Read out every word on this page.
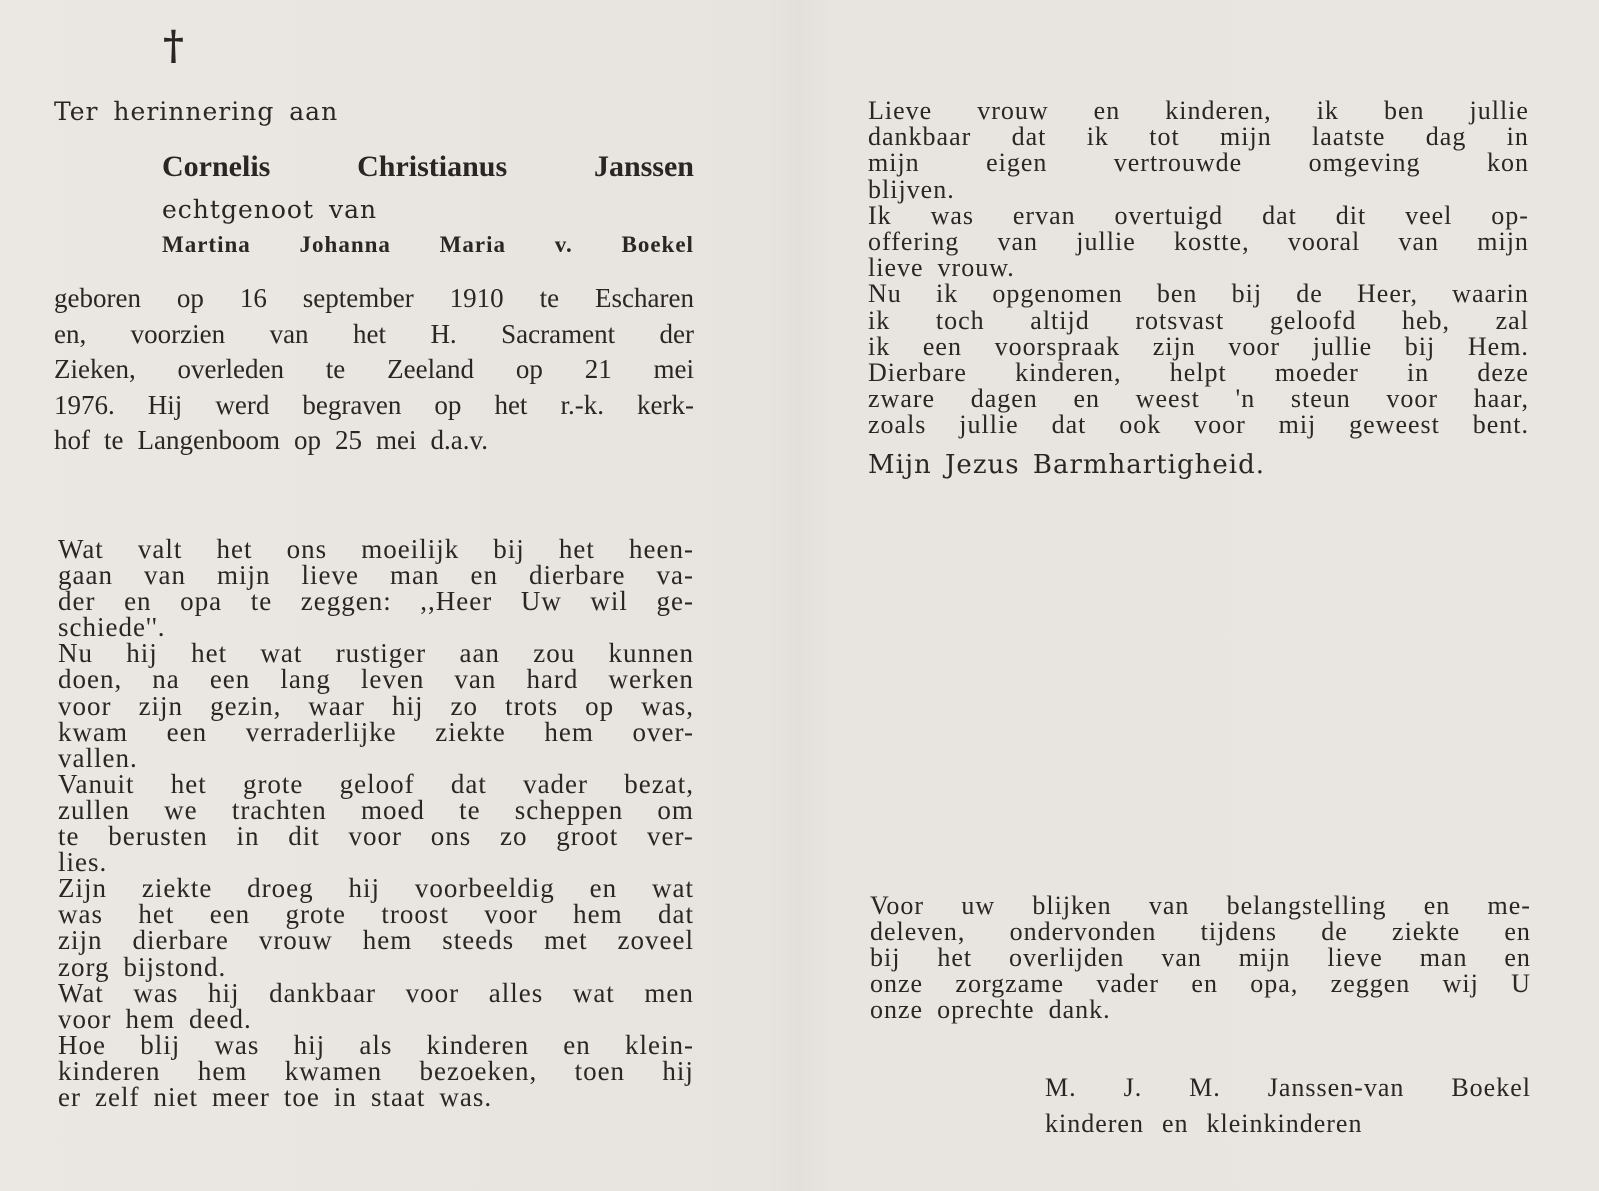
†
Ter herinnering aan
Cornelis	Christianus	Janssen
echtgenoot van
Martina Johanna Maria v. Boekel
geboren op 16 september 1910 te Escharen
en, voorzien van het H. Sacrament der
Zieken, overleden te Zeeland op 21 mei
1976. Hij werd begraven op het r.-k. kerk-
hof te Langenboom op 25 mei d.a.v.
Wat valt het ons moeilijk bij het heen-
gaan van mijn lieve man en dierbare va-
der en opa te zeggen: ,,Heer Uw wil ge-
schiede''.
Nu hij het wat rustiger aan zou kunnen
doen, na een lang leven van hard werken
voor zijn gezin, waar hij zo trots op was,
kwam een verraderlijke ziekte hem over-
vallen.
Vanuit het grote geloof dat vader bezat,
zullen we trachten moed te scheppen om
te berusten in dit voor ons zo groot ver-
lies.
Zijn ziekte droeg hij voorbeeldig en wat
was het een grote troost voor hem dat
zijn dierbare vrouw hem steeds met zoveel
zorg bijstond.
Wat was hij dankbaar voor alles wat men
voor hem deed.
Hoe blij was hij als kinderen en klein-
kinderen hem kwamen bezoeken, toen hij
er zelf niet meer toe in staat was.
Lieve vrouw en kinderen, ik ben jullie
dankbaar dat ik tot mijn laatste dag in
mijn	eigen	vertrouwde	omgeving	kon
blijven.
Ik was ervan overtuigd dat dit veel op-
offering van jullie kostte, vooral van mijn
lieve vrouw.
Nu ik opgenomen ben bij de Heer, waarin
ik toch altijd rotsvast geloofd heb, zal
ik een voorspraak zijn voor jullie bij Hem.
Dierbare kinderen, helpt moeder in deze
zware dagen en weest 'n steun voor haar,
zoals jullie dat ook voor mij geweest bent.
Mijn Jezus Barmhartigheid.
Voor uw blijken van belangstelling en me-
deleven, ondervonden tijdens de ziekte en
bij het overlijden van mijn lieve man en
onze zorgzame vader en opa, zeggen wij U
onze oprechte dank.
M. J. M. Janssen-van Boekel
kinderen en kleinkinderen
